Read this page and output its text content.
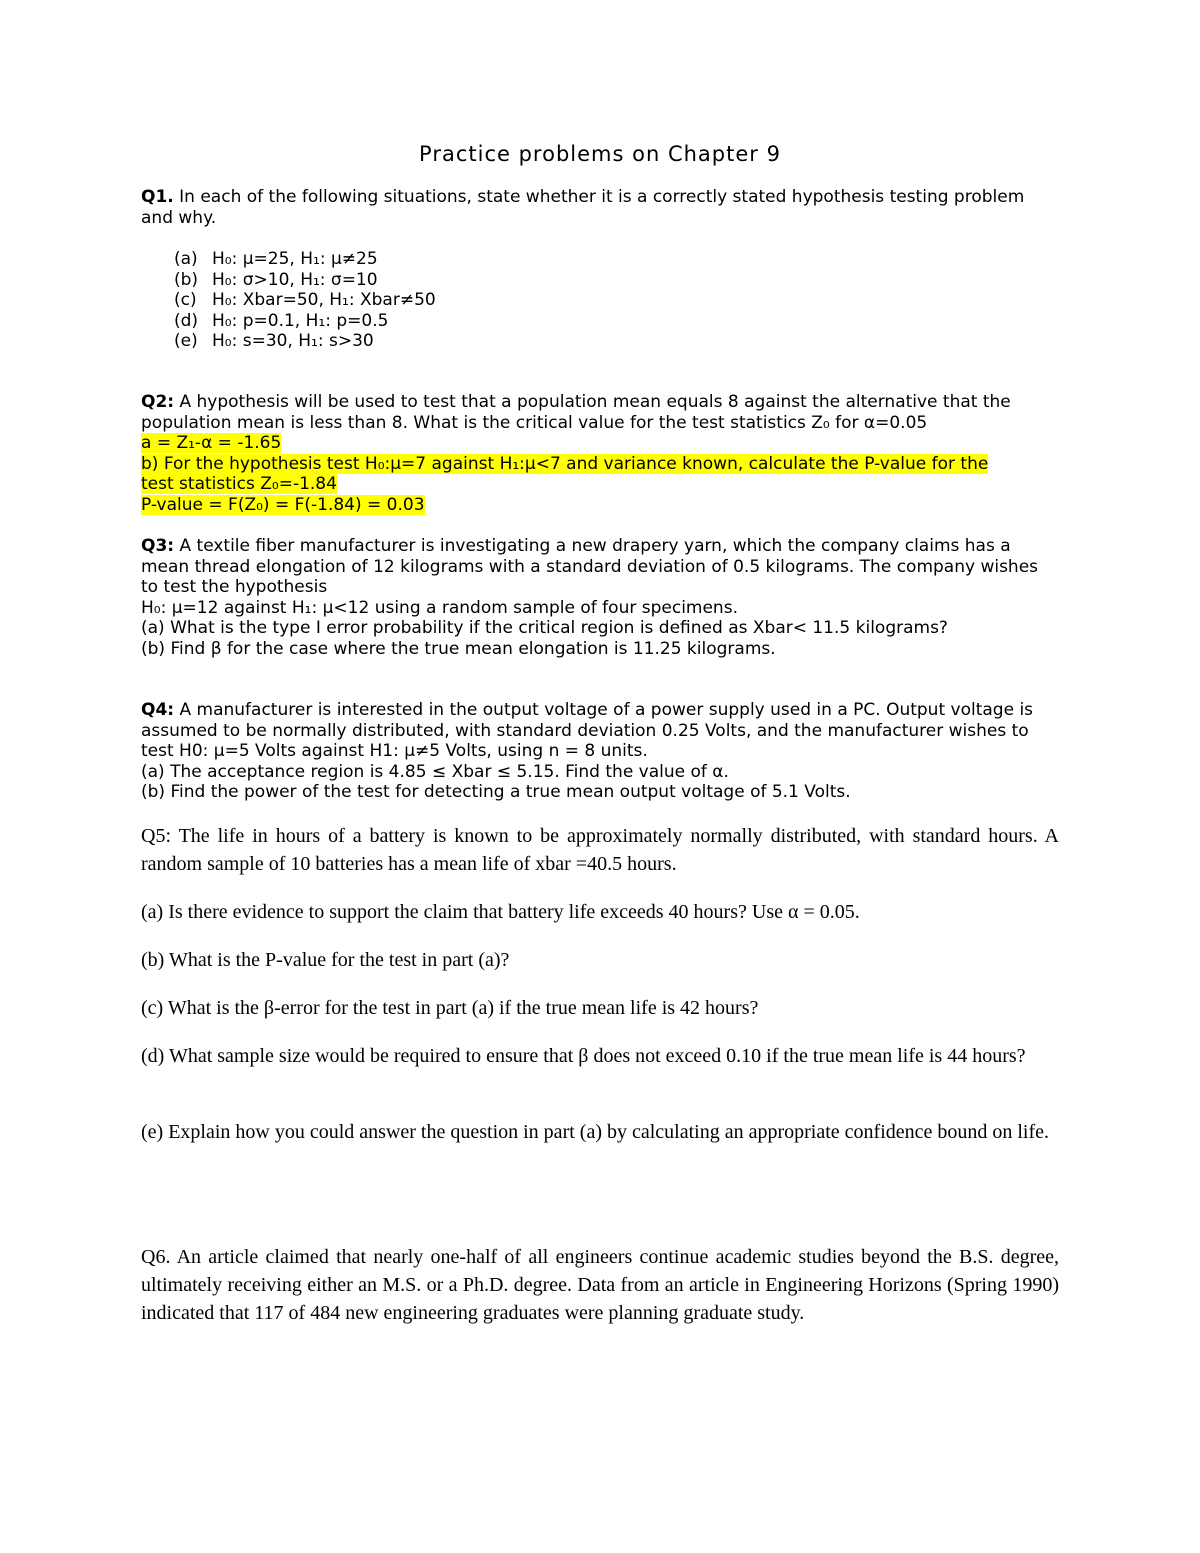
Practice problems on Chapter 9
Q1. In each of the following situations, state whether it is a correctly stated hypothesis testing problem and why.
(a) H₀: μ=25, H₁: μ≠25
(b) H₀: σ>10, H₁: σ=10
(c) H₀: Xbar=50, H₁: Xbar≠50
(d) H₀: p=0.1, H₁: p=0.5
(e) H₀: s=30, H₁: s>30

Q2: A hypothesis will be used to test that a population mean equals 8 against the alternative that the population mean is less than 8. What is the critical value for the test statistics Z₀ for α=0.05

a = Z₁-α = -1.65

b) For the hypothesis test H₀:μ=7 against H₁:μ<7 and variance known, calculate the P-value for the

test statistics Z₀=-1.84

P-value = F(Z₀) = F(-1.84) = 0.03

Q3: A textile fiber manufacturer is investigating a new drapery yarn, which the company claims has a mean thread elongation of 12 kilograms with a standard deviation of 0.5 kilograms. The company wishes to test the hypothesis

H₀: μ=12 against H₁: μ<12 using a random sample of four specimens.

(a) What is the type I error probability if the critical region is defined as Xbar< 11.5 kilograms?

(b) Find β for the case where the true mean elongation is 11.25 kilograms.

Q4: A manufacturer is interested in the output voltage of a power supply used in a PC. Output voltage is assumed to be normally distributed, with standard deviation 0.25 Volts, and the manufacturer wishes to test H0: μ=5 Volts against H1: μ≠5 Volts, using n = 8 units.

(a) The acceptance region is 4.85 ≤ Xbar ≤ 5.15. Find the value of α.

(b) Find the power of the test for detecting a true mean output voltage of 5.1 Volts.

Q5: The life in hours of a battery is known to be approximately normally distributed, with standard hours. A random sample of 10 batteries has a mean life of xbar =40.5 hours.
(a) Is there evidence to support the claim that battery life exceeds 40 hours? Use α = 0.05.
(b) What is the P-value for the test in part (a)?
(c) What is the β-error for the test in part (a) if the true mean life is 42 hours?
(d) What sample size would be required to ensure that β does not exceed 0.10 if the true mean life is 44 hours?
(e) Explain how you could answer the question in part (a) by calculating an appropriate confidence bound on life.
Q6. An article claimed that nearly one-half of all engineers continue academic studies beyond the B.S. degree, ultimately receiving either an M.S. or a Ph.D. degree. Data from an article in Engineering Horizons (Spring 1990) indicated that 117 of 484 new engineering graduates were planning graduate study.
